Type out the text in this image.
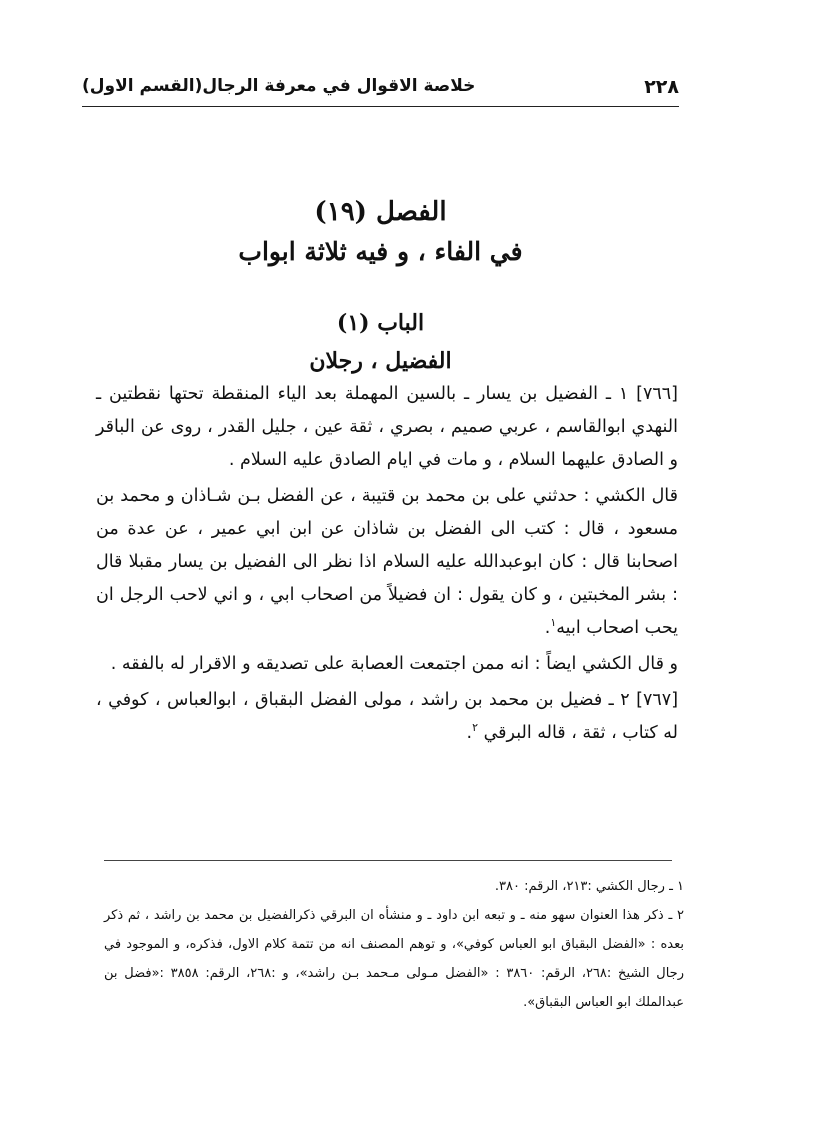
٢٢٨
خلاصة الاقوال في معرفة الرجال(القسم الاول)
الفصل (١٩)
في الفاء ، و فيه ثلاثة ابواب
الباب (١)
الفضيل ، رجلان

[٧٦٦] ١ ـ الفضيل بن يسار ـ بالسين المهملة بعد الياء المنقطة تحتها نقطتين ـ النهدي ابوالقاسم ، عربي صميم ، بصري ، ثقة عين ، جليل القدر ، روى عن الباقر و الصادق عليهما السلام ، و مات في ايام الصادق عليه السلام .

قال الكشي : حدثني على بن محمد بن قتيبة ، عن الفضل بـن شـاذان و محمد بن مسعود ، قال : كتب الى الفضل بن شاذان عن ابن ابي عمير ، عن عدة من اصحابنا قال : كان ابوعبدالله عليه السلام اذا نظر الى الفضيل بن يسار مقبلا قال : بشر المخبتين ، و كان يقول : ان فضيلاً من اصحاب ابي ، و اني لاحب الرجل ان يحب اصحاب ابيه$^١$.

و قال الكشي ايضاً : انه ممن اجتمعت العصابة على تصديقه و الاقرار له بالفقه .

[٧٦٧] ٢ ـ فضيل بن محمد بن راشد ، مولى الفضل البقباق ، ابوالعباس ، كوفي ، له كتاب ، ثقة ، قاله البرقي $^٢$.

١ ـ رجال الكشي :٢١٣، الرقم: ٣٨٠.

٢ ـ ذكر هذا العنوان سهو منه ـ و تبعه ابن داود ـ و منشأه ان البرقي ذكرالفضيل بن محمد بن راشد ، ثم ذكر بعده : «الفضل البقباق ابو العباس كوفي»، و توهم المصنف انه من تتمة كلام الاول، فذكره، و الموجود في رجال الشيخ :٢٦٨، الرقم: ٣٨٦٠ : «الفضل مـولى مـحمد بـن راشد»، و :٢٦٨، الرقم: ٣٨٥٨ :«فضل بن عبدالملك ابو العباس البقباق».
